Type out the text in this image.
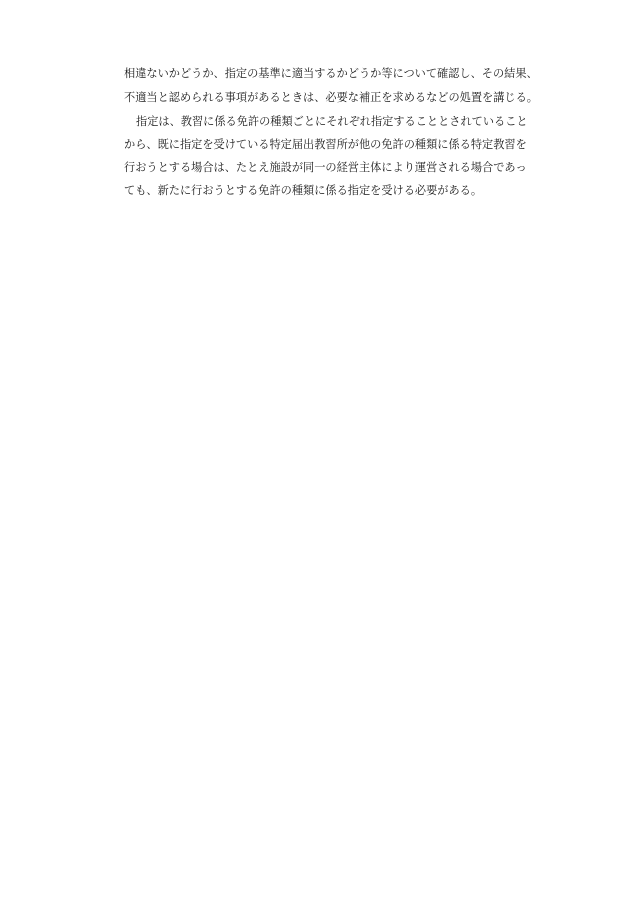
相違ないかどうか、指定の基準に適当するかどうか等について確認し、その結果、
不適当と認められる事項があるときは、必要な補正を求めるなどの処置を講じる。
指定は、教習に係る免許の種類ごとにそれぞれ指定することとされていること
から、既に指定を受けている特定届出教習所が他の免許の種類に係る特定教習を
行おうとする場合は、たとえ施設が同一の経営主体により運営される場合であっ
ても、新たに行おうとする免許の種類に係る指定を受ける必要がある。
